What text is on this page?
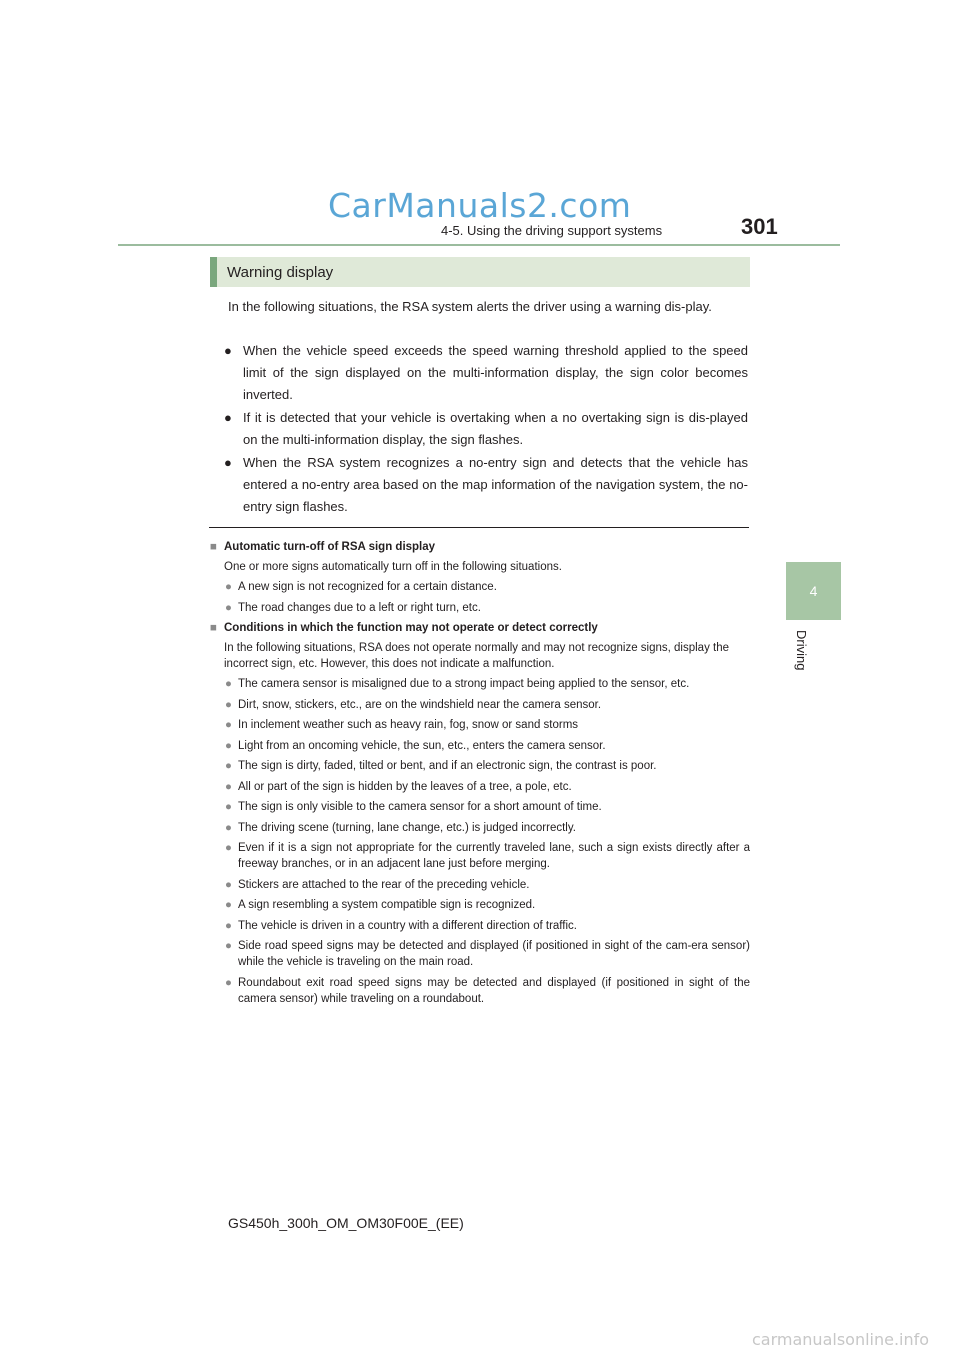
CarManuals2.com
4-5. Using the driving support systems	301
4
Driving
Warning display
In the following situations, the RSA system alerts the driver using a warning dis-play.
● When the vehicle speed exceeds the speed warning threshold applied to the speed limit of the sign displayed on the multi-information display, the sign color becomes inverted.
● If it is detected that your vehicle is overtaking when a no overtaking sign is dis-played on the multi-information display, the sign flashes.
● When the RSA system recognizes a no-entry sign and detects that the vehicle has entered a no-entry area based on the map information of the navigation system, the no-entry sign flashes.
■ Automatic turn-off of RSA sign display
One or more signs automatically turn off in the following situations.
● A new sign is not recognized for a certain distance.
● The road changes due to a left or right turn, etc.
■ Conditions in which the function may not operate or detect correctly
In the following situations, RSA does not operate normally and may not recognize signs, display the incorrect sign, etc. However, this does not indicate a malfunction.
● The camera sensor is misaligned due to a strong impact being applied to the sensor, etc.
● Dirt, snow, stickers, etc., are on the windshield near the camera sensor.
● In inclement weather such as heavy rain, fog, snow or sand storms
● Light from an oncoming vehicle, the sun, etc., enters the camera sensor.
● The sign is dirty, faded, tilted or bent, and if an electronic sign, the contrast is poor.
● All or part of the sign is hidden by the leaves of a tree, a pole, etc.
● The sign is only visible to the camera sensor for a short amount of time.
● The driving scene (turning, lane change, etc.) is judged incorrectly.
● Even if it is a sign not appropriate for the currently traveled lane, such a sign exists directly after a freeway branches, or in an adjacent lane just before merging.
● Stickers are attached to the rear of the preceding vehicle.
● A sign resembling a system compatible sign is recognized.
● The vehicle is driven in a country with a different direction of traffic.
● Side road speed signs may be detected and displayed (if positioned in sight of the cam-era sensor) while the vehicle is traveling on the main road.
● Roundabout exit road speed signs may be detected and displayed (if positioned in sight of the camera sensor) while traveling on a roundabout.
GS450h_300h_OM_OM30F00E_(EE)
carmanualsonline.info
